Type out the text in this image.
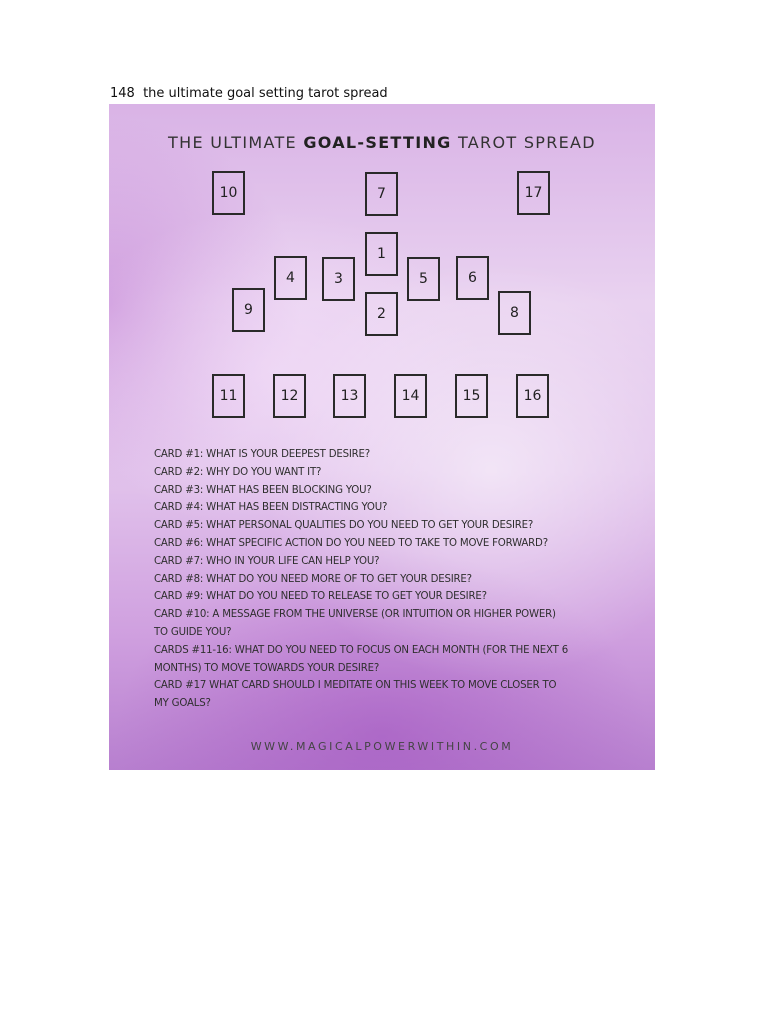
148  the ultimate goal setting tarot spread
THE ULTIMATE GOAL-SETTING TAROT SPREAD
10	7	17
1
4	3	5	6
9	2	8
11	12	13	14	15	16
CARD #1: WHAT IS YOUR DEEPEST DESIRE?
CARD #2: WHY DO YOU WANT IT?
CARD #3: WHAT HAS BEEN BLOCKING YOU?
CARD #4: WHAT HAS BEEN DISTRACTING YOU?
CARD #5: WHAT PERSONAL QUALITIES DO YOU NEED TO GET YOUR DESIRE?
CARD #6: WHAT SPECIFIC ACTION DO YOU NEED TO TAKE TO MOVE FORWARD?
CARD #7: WHO IN YOUR LIFE CAN HELP YOU?
CARD #8: WHAT DO YOU NEED MORE OF TO GET YOUR DESIRE?
CARD #9: WHAT DO YOU NEED TO RELEASE TO GET YOUR DESIRE?
CARD #10: A MESSAGE FROM THE UNIVERSE (OR INTUITION OR HIGHER POWER)
TO GUIDE YOU?
CARDS #11-16: WHAT DO YOU NEED TO FOCUS ON EACH MONTH (FOR THE NEXT 6
MONTHS) TO MOVE TOWARDS YOUR DESIRE?
CARD #17 WHAT CARD SHOULD I MEDITATE ON THIS WEEK TO MOVE CLOSER TO
MY GOALS?
WWW.MAGICALPOWERWITHIN.COM
